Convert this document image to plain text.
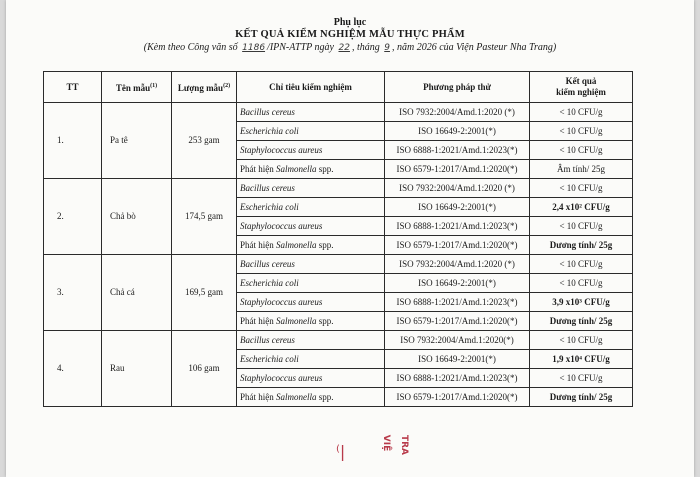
Phụ lục
KẾT QUẢ KIỂM NGHIỆM MẪU THỰC PHẨM
(Kèm theo Công văn số 1186 /IPN-ATTP ngày 22 , tháng 9 , năm 2026 của Viện Pasteur Nha Trang)
TT	Tên mẫu$^{(1)}$	Lượng mẫu$^{(2)}$	Chỉ tiêu kiểm nghiệm	Phương pháp thử	Kết quả
kiểm nghiệm
1.	Pa tê	253 gam	Bacillus cereus	ISO 7932:2004/Amd.1:2020 (*)	< 10 CFU/g
			Escherichia coli	ISO 16649-2:2001(*)	< 10 CFU/g
			Staphylococcus aureus	ISO 6888-1:2021/Amd.1:2023(*)	< 10 CFU/g
			Phát hiện Salmonella spp.	ISO 6579-1:2017/Amd.1:2020(*)	Âm tính/ 25g
2.	Chả bò	174,5 gam	Bacillus cereus	ISO 7932:2004/Amd.1:2020 (*)	< 10 CFU/g
			Escherichia coli	ISO 16649-2:2001(*)	2,4 x10² CFU/g
			Staphylococcus aureus	ISO 6888-1:2021/Amd.1:2023(*)	< 10 CFU/g
			Phát hiện Salmonella spp.	ISO 6579-1:2017/Amd.1:2020(*)	Dương tính/ 25g
3.	Chả cá	169,5 gam	Bacillus cereus	ISO 7932:2004/Amd.1:2020 (*)	< 10 CFU/g
			Escherichia coli	ISO 16649-2:2001(*)	< 10 CFU/g
			Staphylococcus aureus	ISO 6888-1:2021/Amd.1:2023(*)	3,9 x10³ CFU/g
			Phát hiện Salmonella spp.	ISO 6579-1:2017/Amd.1:2020(*)	Dương tính/ 25g
4.	Rau	106 gam	Bacillus cereus	ISO 7932:2004/Amd.1:2020(*)	< 10 CFU/g
			Escherichia coli	ISO 16649-2:2001(*)	1,9 x10⁴ CFU/g
			Staphylococcus aureus	ISO 6888-1:2021/Amd.1:2023(*)	< 10 CFU/g
			Phát hiện Salmonella spp.	ISO 6579-1:2017/Amd.1:2020(*)	Dương tính/ 25g
⁽|	VIỆ TRA
